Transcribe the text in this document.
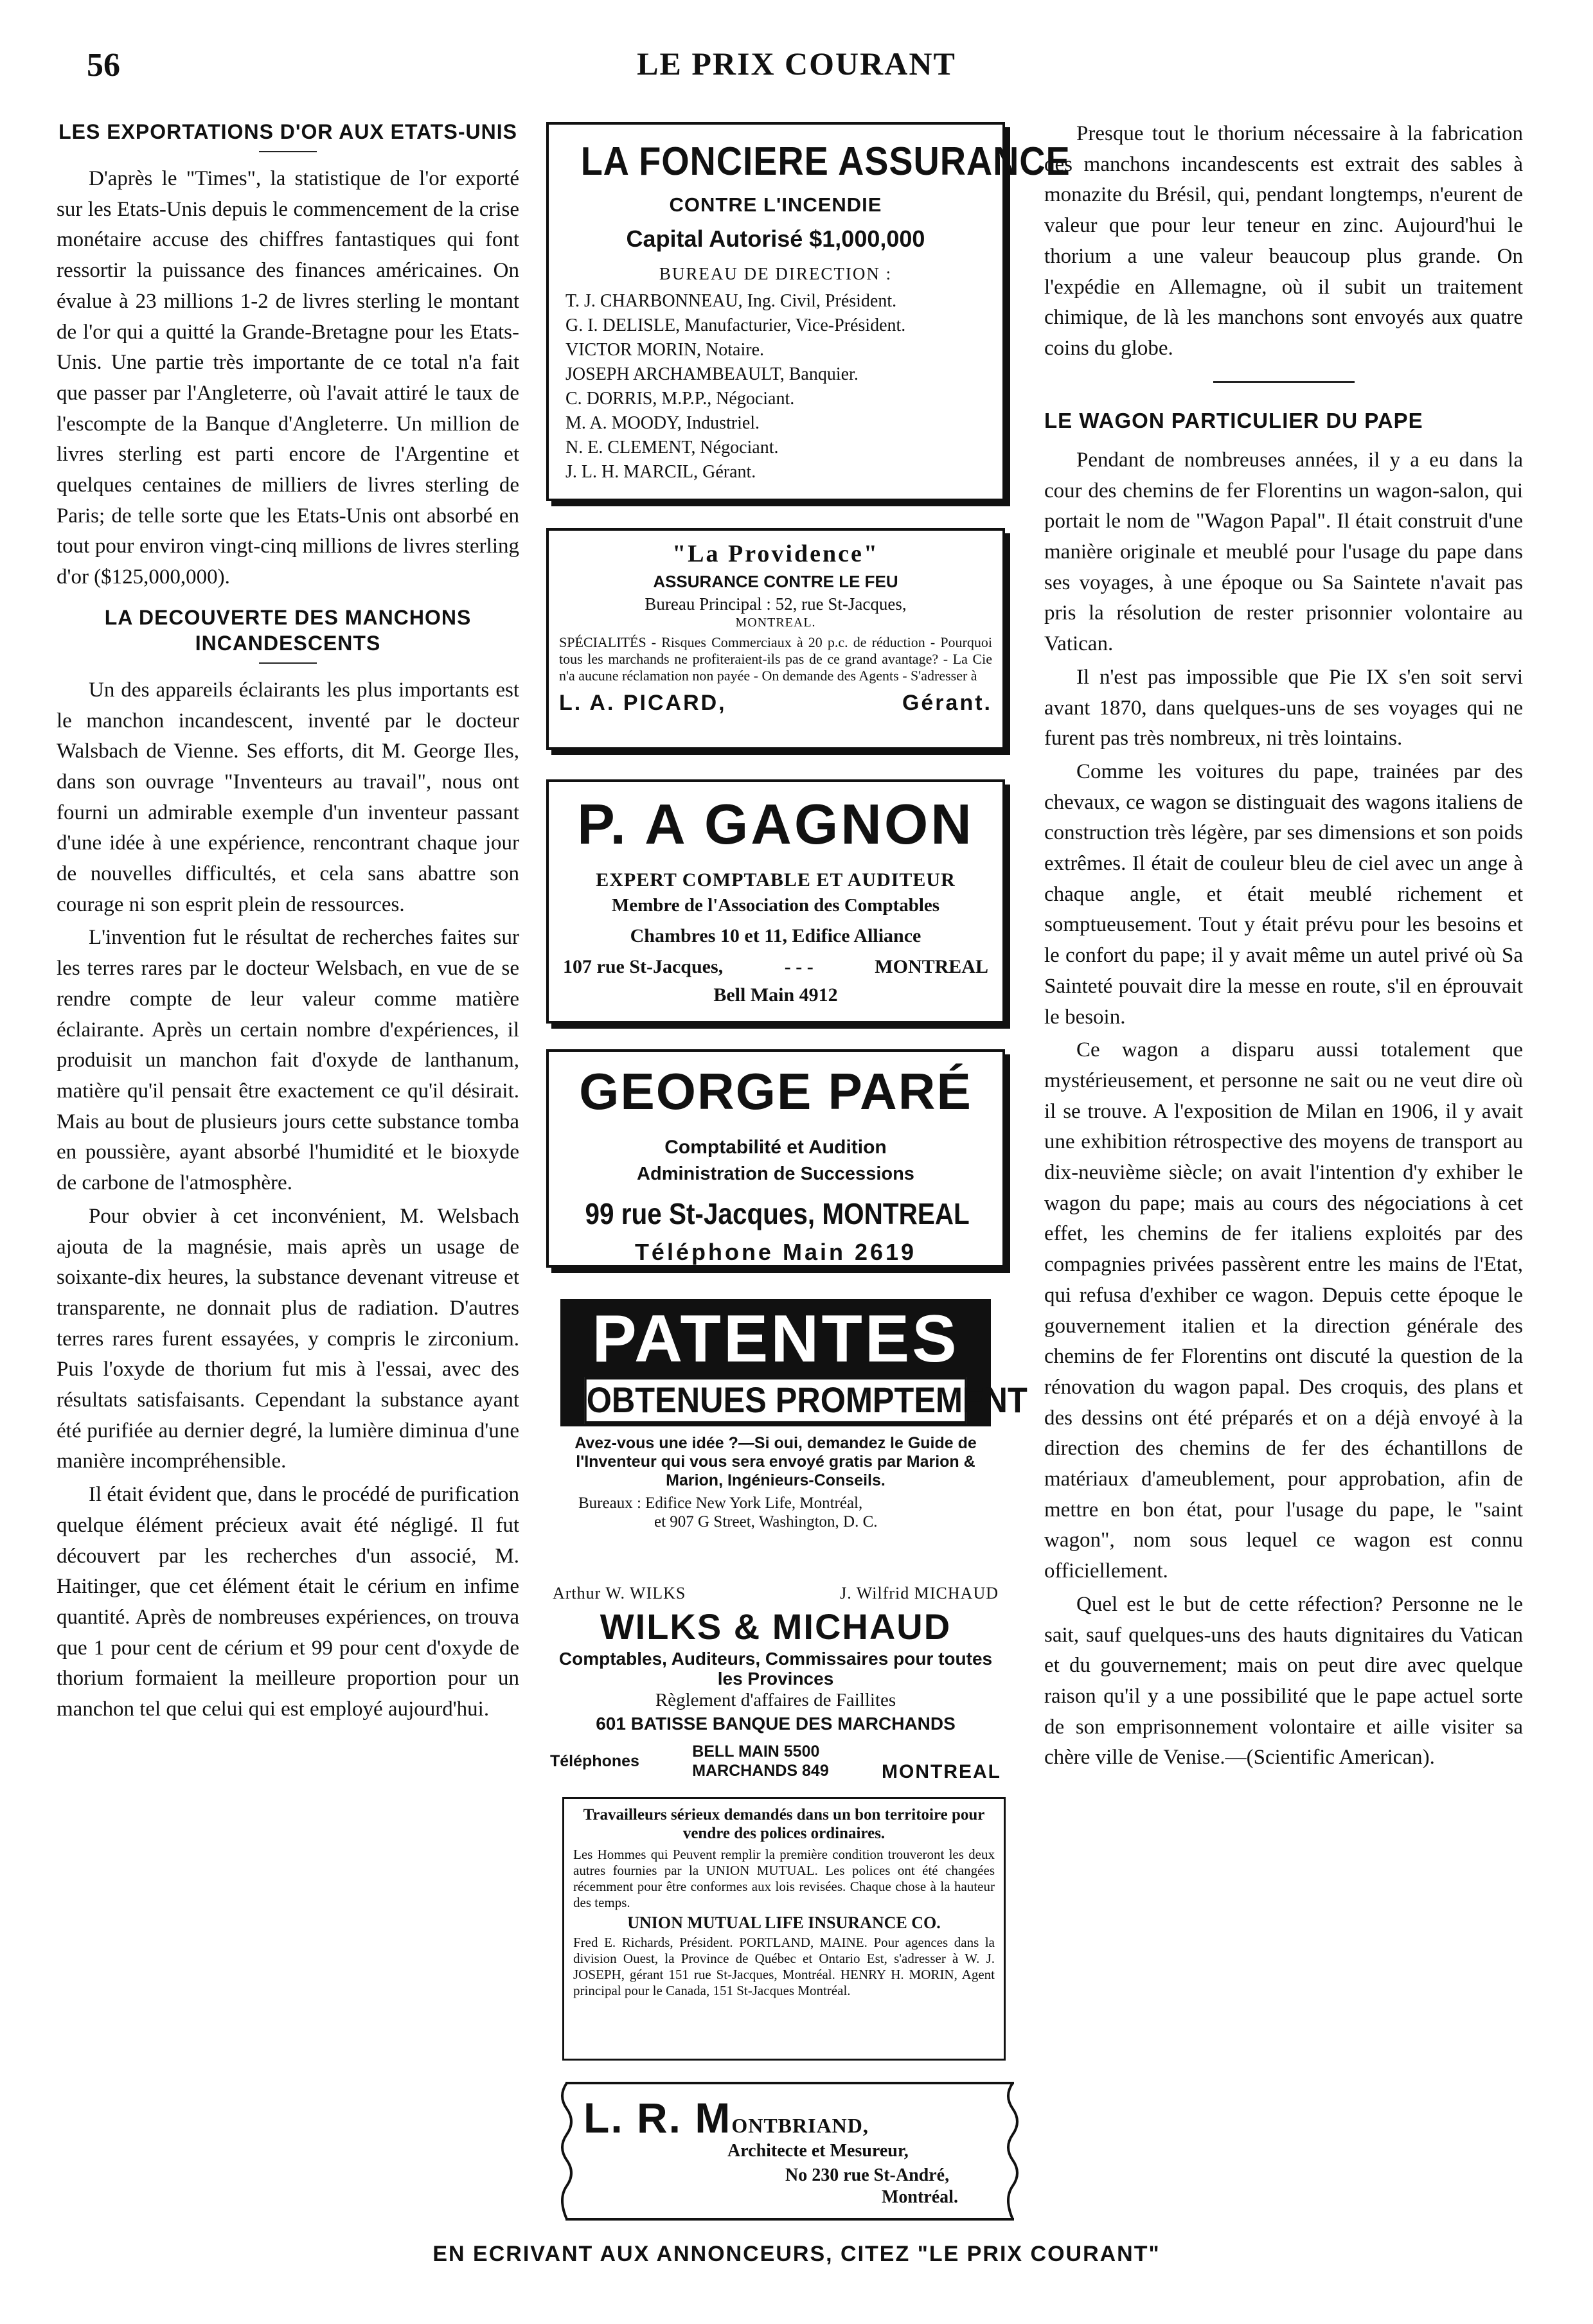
56	LE PRIX COURANT
LES EXPORTATIONS D'OR AUX ETATS-UNIS

D'après le "Times", la statistique de l'or exporté sur les Etats-Unis depuis le commencement de la crise monétaire accuse des chiffres fantastiques qui font ressortir la puissance des finances américaines. On évalue à 23 millions 1-2 de livres sterling le montant de l'or qui a quitté la Grande-Bretagne pour les Etats-Unis. Une partie très importante de ce total n'a fait que passer par l'Angleterre, où l'avait attiré le taux de l'escompte de la Banque d'Angleterre. Un million de livres sterling est parti encore de l'Argentine et quelques centaines de milliers de livres sterling de Paris; de telle sorte que les Etats-Unis ont absorbé en tout pour environ vingt-cinq millions de livres sterling d'or ($125,000,000).

LA DECOUVERTE DES MANCHONS INCANDESCENTS

Un des appareils éclairants les plus importants est le manchon incandescent, inventé par le docteur Walsbach de Vienne. Ses efforts, dit M. George Iles, dans son ouvrage "Inventeurs au travail", nous ont fourni un admirable exemple d'un inventeur passant d'une idée à une expérience, rencontrant chaque jour de nouvelles difficultés, et cela sans abattre son courage ni son esprit plein de ressources.

L'invention fut le résultat de recherches faites sur les terres rares par le docteur Welsbach, en vue de se rendre compte de leur valeur comme matière éclairante. Après un certain nombre d'expériences, il produisit un manchon fait d'oxyde de lanthanum, matière qu'il pensait être exactement ce qu'il désirait. Mais au bout de plusieurs jours cette substance tomba en poussière, ayant absorbé l'humidité et le bioxyde de carbone de l'atmosphère.

Pour obvier à cet inconvénient, M. Welsbach ajouta de la magnésie, mais après un usage de soixante-dix heures, la substance devenant vitreuse et transparente, ne donnait plus de radiation. D'autres terres rares furent essayées, y compris le zirconium. Puis l'oxyde de thorium fut mis à l'essai, avec des résultats satisfaisants. Cependant la substance ayant été purifiée au dernier degré, la lumière diminua d'une manière incompréhensible.

Il était évident que, dans le procédé de purification quelque élément précieux avait été négligé. Il fut découvert par les recherches d'un associé, M. Haitinger, que cet élément était le cérium en infime quantité. Après de nombreuses expériences, on trouva que 1 pour cent de cérium et 99 pour cent d'oxyde de thorium formaient la meilleure proportion pour un manchon tel que celui qui est employé aujourd'hui.

Presque tout le thorium nécessaire à la fabrication des manchons incandescents est extrait des sables à monazite du Brésil, qui, pendant longtemps, n'eurent de valeur que pour leur teneur en zinc. Aujourd'hui le thorium a une valeur beaucoup plus grande. On l'expédie en Allemagne, où il subit un traitement chimique, de là les manchons sont envoyés aux quatre coins du globe.

LE WAGON PARTICULIER DU PAPE

Pendant de nombreuses années, il y a eu dans la cour des chemins de fer Florentins un wagon-salon, qui portait le nom de "Wagon Papal". Il était construit d'une manière originale et meublé pour l'usage du pape dans ses voyages, à une époque ou Sa Saintete n'avait pas pris la résolution de rester prisonnier volontaire au Vatican.

Il n'est pas impossible que Pie IX s'en soit servi avant 1870, dans quelques-uns de ses voyages qui ne furent pas très nombreux, ni très lointains.

Comme les voitures du pape, trainées par des chevaux, ce wagon se distinguait des wagons italiens de construction très légère, par ses dimensions et son poids extrêmes. Il était de couleur bleu de ciel avec un ange à chaque angle, et était meublé richement et somptueusement. Tout y était prévu pour les besoins et le confort du pape; il y avait même un autel privé où Sa Sainteté pouvait dire la messe en route, s'il en éprouvait le besoin.

Ce wagon a disparu aussi totalement que mystérieusement, et personne ne sait ou ne veut dire où il se trouve. A l'exposition de Milan en 1906, il y avait une exhibition rétrospective des moyens de transport au dix-neuvième siècle; on avait l'intention d'y exhiber le wagon du pape; mais au cours des négociations à cet effet, les chemins de fer italiens exploités par des compagnies privées passèrent entre les mains de l'Etat, qui refusa d'exhiber ce wagon. Depuis cette époque le gouvernement italien et la direction générale des chemins de fer Florentins ont discuté la question de la rénovation du wagon papal. Des croquis, des plans et des dessins ont été préparés et on a déjà envoyé à la direction des chemins de fer des échantillons de matériaux d'ameublement, pour approbation, afin de mettre en bon état, pour l'usage du pape, le "saint wagon", nom sous lequel ce wagon est connu officiellement.

Quel est le but de cette réfection? Personne ne le sait, sauf quelques-uns des hauts dignitaires du Vatican et du gouvernement; mais on peut dire avec quelque raison qu'il y a une possibilité que le pape actuel sorte de son emprisonnement volontaire et aille visiter sa chère ville de Venise.—(Scientific American).

LA FONCIERE ASSURANCE
CONTRE L'INCENDIE
Capital Autorisé $1,000,000
BUREAU DE DIRECTION :
T. J. CHARBONNEAU, Ing. Civil, Président.
G. I. DELISLE, Manufacturier, Vice-Président.
VICTOR MORIN, Notaire.
JOSEPH ARCHAMBEAULT, Banquier.
C. DORRIS, M.P.P., Négociant.
M. A. MOODY, Industriel.
N. E. CLEMENT, Négociant.
J. L. H. MARCIL, Gérant.
"La Providence"
ASSURANCE CONTRE LE FEU
Bureau Principal : 52, rue St-Jacques,
MONTREAL.
SPÉCIALITÉS - Risques Commerciaux à 20 p.c. de réduction - Pourquoi tous les marchands ne profiteraient-ils pas de ce grand avantage? - La Cie n'a aucune réclamation non payée - On demande des Agents - S'adresser à
L. A. PICARD,	Gérant.
P. A GAGNON
EXPERT COMPTABLE ET AUDITEUR
Membre de l'Association des Comptables
Chambres 10 et 11, Edifice Alliance
107 rue St-Jacques,	- - -	MONTREAL
Bell Main 4912
GEORGE PARÉ
Comptabilité et Audition
Administration de Successions
99 rue St-Jacques, MONTREAL
Téléphone Main 2619
PATENTES
OBTENUES PROMPTEMENT
Avez-vous une idée ?—Si oui, demandez le Guide de l'Inventeur qui vous sera envoyé gratis par Marion & Marion, Ingénieurs-Conseils.
Bureaux : Edifice New York Life, Montréal,
et 907 G Street, Washington, D. C.
Arthur W. WILKS	J. Wilfrid MICHAUD
WILKS & MICHAUD
Comptables, Auditeurs, Commissaires pour toutes les Provinces
Règlement d'affaires de Faillites
601 BATISSE BANQUE DES MARCHANDS
Téléphones
BELL MAIN 5500
MARCHANDS 849	MONTREAL
Travailleurs sérieux demandés dans un bon territoire pour vendre des polices ordinaires.
Les Hommes qui Peuvent remplir la première condition trouveront les deux autres fournies par la UNION MUTUAL. Les polices ont été changées récemment pour être conformes aux lois revisées. Chaque chose à la hauteur des temps.
UNION MUTUAL LIFE INSURANCE CO.
Fred E. Richards, Président. PORTLAND, MAINE. Pour agences dans la division Ouest, la Province de Québec et Ontario Est, s'adresser à W. J. JOSEPH, gérant 151 rue St-Jacques, Montréal. HENRY H. MORIN, Agent principal pour le Canada, 151 St-Jacques Montréal.
L. R. MONTBRIAND,
Architecte et Mesureur,
No 230 rue St-André,
Montréal.
EN ECRIVANT AUX ANNONCEURS, CITEZ "LE PRIX COURANT"
